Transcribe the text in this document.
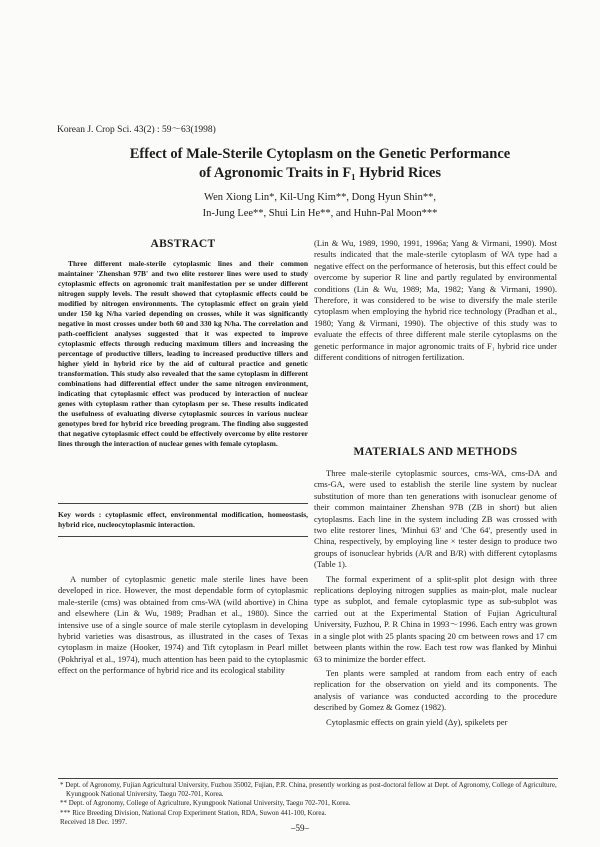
Korean J. Crop Sci. 43(2) : 59～63(1998)
Effect of Male-Sterile Cytoplasm on the Genetic Performance
of Agronomic Traits in F₁ Hybrid Rices
Wen Xiong Lin*, Kil-Ung Kim**, Dong Hyun Shin**,
In-Jung Lee**, Shui Lin He**, and Huhn-Pal Moon***
ABSTRACT

Three different male-sterile cytoplasmic lines and their common maintainer 'Zhenshan 97B' and two elite restorer lines were used to study cytoplasmic effects on agronomic trait manifestation per se under different nitrogen supply levels. The result showed that cytoplasmic effects could be modified by nitrogen environments. The cytoplasmic effect on grain yield under 150 kg N/ha varied depending on crosses, while it was significantly negative in most crosses under both 60 and 330 kg N/ha. The correlation and path-coefficient analyses suggested that it was expected to improve cytoplasmic effects through reducing maximum tillers and increasing the percentage of productive tillers, leading to increased productive tillers and higher yield in hybrid rice by the aid of cultural practice and genetic transformation. This study also revealed that the same cytoplasm in different combinations had differential effect under the same nitrogen environment, indicating that cytoplasmic effect was produced by interaction of nuclear genes with cytoplasm rather than cytoplasm per se. These results indicated the usefulness of evaluating diverse cytoplasmic sources in various nuclear genotypes bred for hybrid rice breeding program. The finding also suggested that negative cytoplasmic effect could be effectively overcome by elite restorer lines through the interaction of nuclear genes with female cytoplasm.

Key words : cytoplasmic effect, environmental modification, homeostasis, hybrid rice, nucleocytoplasmic interaction.

A number of cytoplasmic genetic male sterile lines have been developed in rice. However, the most dependable form of cytoplasmic male-sterile (cms) was obtained from cms-WA (wild abortive) in China and elsewhere (Lin & Wu, 1989; Pradhan et al., 1980). Since the intensive use of a single source of male sterile cytoplasm in developing hybrid varieties was disastrous, as illustrated in the cases of Texas cytoplasm in maize (Hooker, 1974) and Tift cytoplasm in Pearl millet (Pokhriyal et al., 1974), much attention has been paid to the cytoplasmic effect on the performance of hybrid rice and its ecological stability

(Lin & Wu, 1989, 1990, 1991, 1996a; Yang & Virmani, 1990). Most results indicated that the male-sterile cytoplasm of WA type had a negative effect on the performance of heterosis, but this effect could be overcome by superior R line and partly regulated by environmental conditions (Lin & Wu, 1989; Ma, 1982; Yang & Virmani, 1990). Therefore, it was considered to be wise to diversify the male sterile cytoplasm when employing the hybrid rice technology (Pradhan et al., 1980; Yang & Virmani, 1990). The objective of this study was to evaluate the effects of three different male sterile cytoplasms on the genetic performance in major agronomic traits of F₁ hybrid rice under different conditions of nitrogen fertilization.

MATERIALS AND METHODS

Three male-sterile cytoplasmic sources, cms-WA, cms-DA and cms-GA, were used to establish the sterile line system by nuclear substitution of more than ten generations with isonuclear genome of their common maintainer Zhenshan 97B (ZB in short) but alien cytoplasms. Each line in the system including ZB was crossed with two elite restorer lines, 'Minhui 63' and 'Che 64', presently used in China, respectively, by employing line × tester design to produce two groups of isonuclear hybrids (A/R and B/R) with different cytoplasms (Table 1).

The formal experiment of a split-split plot design with three replications deploying nitrogen supplies as main-plot, male nuclear type as subplot, and female cytoplasmic type as sub-subplot was carried out at the Experimental Station of Fujian Agricultural University, Fuzhou, P. R China in 1993～1996. Each entry was grown in a single plot with 25 plants spacing 20 cm between rows and 17 cm between plants within the row. Each test row was flanked by Minhui 63 to minimize the border effect.

Ten plants were sampled at random from each entry of each replication for the observation on yield and its components. The analysis of variance was conducted according to the procedure described by Gomez & Gomez (1982).

Cytoplasmic effects on grain yield (Δy), spikelets per

* Dept. of Agronomy, Fujian Agricultural University, Fuzhou 35002, Fujian, P.R. China, presently working as post-doctoral fellow at Dept. of Agronomy, College of Agriculture, Kyungpook National University, Taegu 702-701, Korea.
** Dept. of Agronomy, College of Agriculture, Kyungpook National University, Taegu 702-701, Korea.
*** Rice Breeding Division, National Crop Experiment Station, RDA, Suwon 441-100, Korea.
Received 18 Dec. 1997.
–59–
